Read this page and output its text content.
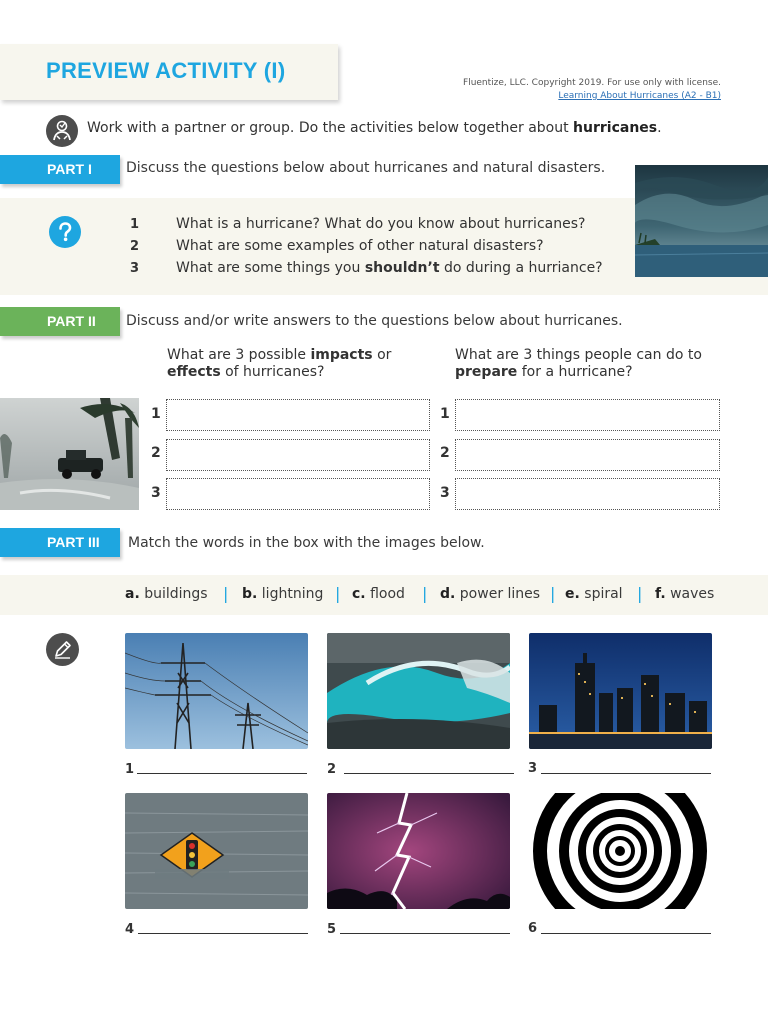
PREVIEW ACTIVITY (I)	Fluentize, LLC. Copyright 2019. For use only with license.
Learning About Hurricanes (A2 - B1)
Work with a partner or group. Do the activities below together about hurricanes.
PART I	Discuss the questions below about hurricanes and natural disasters.
1	What is a hurricane? What do you know about hurricanes?
2	What are some examples of other natural disasters?
3	What are some things you shouldn’t do during a hurriance?
PART II	Discuss and/or write answers to the questions below about hurricanes.
What are 3 possible impacts or
effects of hurricanes?
What are 3 things people can do to
prepare for a hurricane?
1	1
2	2
3	3
PART III	Match the words in the box with the images below.
a. buildings | b. lightning | c. flood | d. power lines | e. spiral | f. waves
1	2	3
4	5	6
